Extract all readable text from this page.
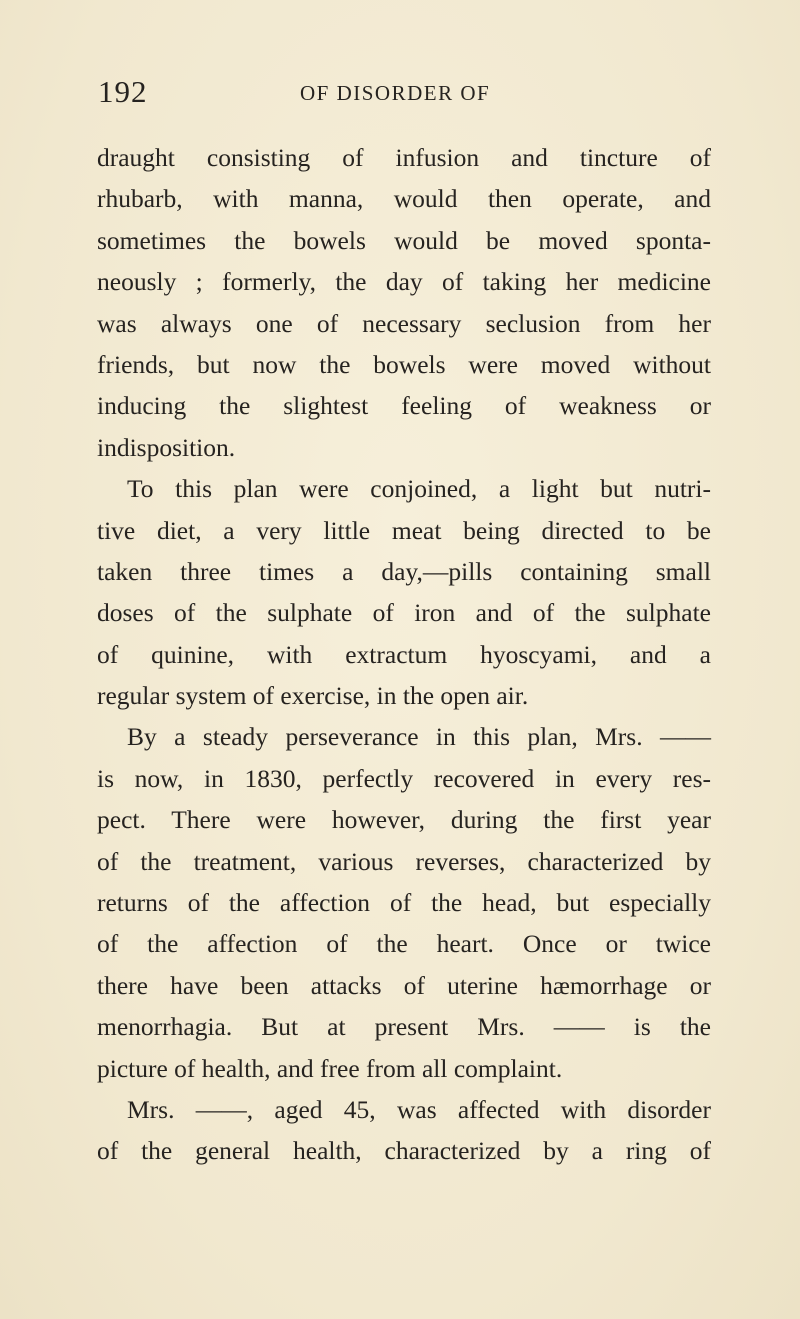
192	OF DISORDER OF
draught consisting of infusion and tincture of
rhubarb, with manna, would then operate, and
sometimes the bowels would be moved sponta-
neously ; formerly, the day of taking her medicine
was always one of necessary seclusion from her
friends, but now the bowels were moved without
inducing the slightest feeling of weakness or
indisposition.
To this plan were conjoined, a light but nutri-
tive diet, a very little meat being directed to be
taken three times a day,—pills containing small
doses of the sulphate of iron and of the sulphate
of quinine, with extractum hyoscyami, and a
regular system of exercise, in the open air.
By a steady perseverance in this plan, Mrs. ——
is now, in 1830, perfectly recovered in every res-
pect. There were however, during the first year
of the treatment, various reverses, characterized by
returns of the affection of the head, but especially
of the affection of the heart. Once or twice
there have been attacks of uterine hæmorrhage or
menorrhagia. But at present Mrs. —— is the
picture of health, and free from all complaint.
Mrs. ——, aged 45, was affected with disorder
of the general health, characterized by a ring of
